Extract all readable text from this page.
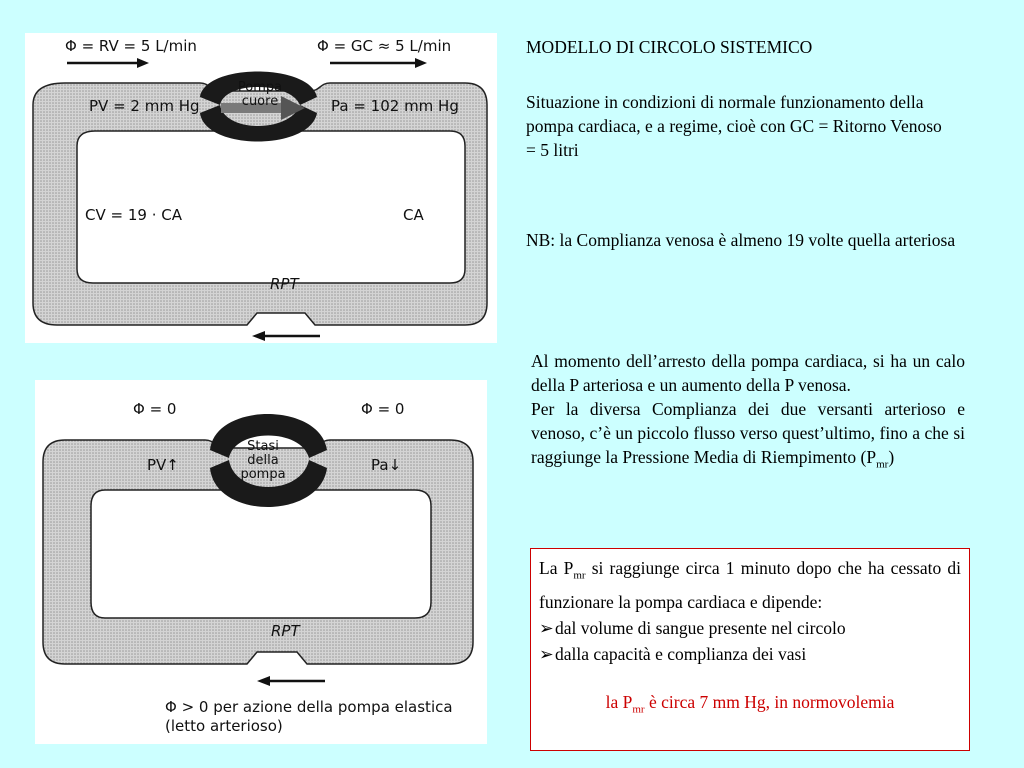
Φ = RV = 5 L/min	Φ = GC ≈ 5 L/min
Pompa
cuore
PV = 2 mm Hg	Pa = 102 mm Hg
CV = 19 · CA	CA
RPT
Φ = 0	Φ = 0
Stasi
della
pompa
PV↑	Pa↓
RPT
Φ > 0 per azione della pompa elastica
(letto arterioso)
MODELLO DI CIRCOLO SISTEMICO
Situazione in condizioni di normale funzionamento della pompa cardiaca, e a regime, cioè con GC = Ritorno Venoso = 5 litri
NB: la Complianza venosa è almeno 19 volte quella arteriosa
Al momento dell’arresto della pompa cardiaca, si ha un calo della P arteriosa e un aumento della P venosa.
Per la diversa Complianza dei due versanti arterioso e venoso, c’è un piccolo flusso verso quest’ultimo, fino a che si raggiunge la Pressione Media di Riempimento $(P_{mr})$
La $P_{mr}$ si raggiunge circa 1 minuto dopo che ha cessato di funzionare la pompa cardiaca e dipende:
➢ dal volume di sangue presente nel circolo
➢ dalla capacità e complianza dei vasi
la $P_{mr}$ è circa 7 mm Hg, in normovolemia
